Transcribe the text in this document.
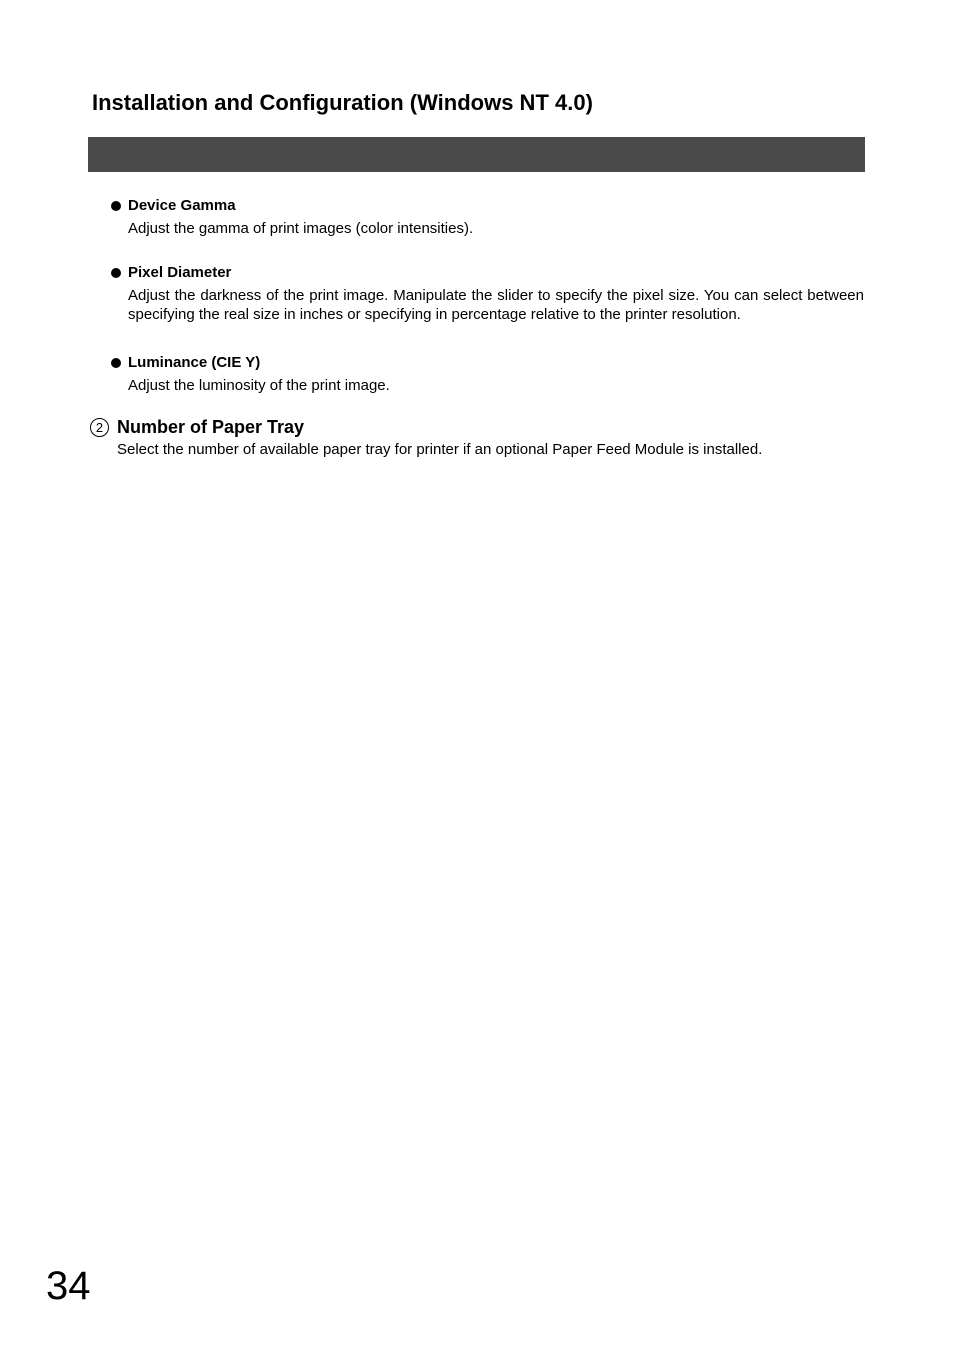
Installation and Configuration (Windows NT 4.0)
Device Gamma
Adjust the gamma of print images (color intensities).
Pixel Diameter
Adjust the darkness of the print image. Manipulate the slider to specify the pixel size. You can select between specifying the real size in inches or specifying in percentage relative to the printer resolution.
Luminance (CIE Y)
Adjust the luminosity of the print image.
2 Number of Paper Tray
Select the number of available paper tray for printer if an optional Paper Feed Module is installed.
34
